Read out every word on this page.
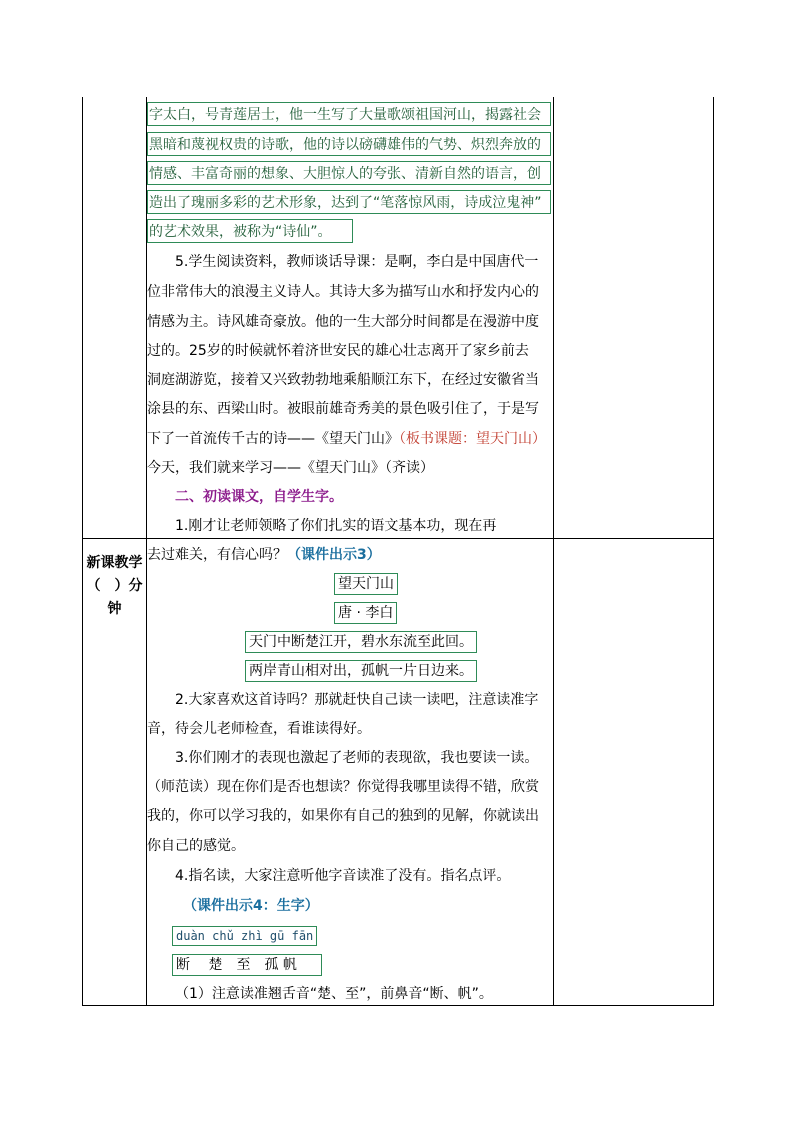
新课教学
（　）分
钟
字太白，号青莲居士，他一生写了大量歌颂祖国河山，揭露社会
黑暗和蔑视权贵的诗歌，他的诗以磅礴雄伟的气势、炽烈奔放的
情感、丰富奇丽的想象、大胆惊人的夸张、清新自然的语言，创
造出了瑰丽多彩的艺术形象，达到了“笔落惊风雨，诗成泣鬼神”
的艺术效果，被称为“诗仙”。
5.学生阅读资料，教师谈话导课：是啊，李白是中国唐代一
位非常伟大的浪漫主义诗人。其诗大多为描写山水和抒发内心的
情感为主。诗风雄奇豪放。他的一生大部分时间都是在漫游中度
过的。25岁的时候就怀着济世安民的雄心壮志离开了家乡前去
洞庭湖游览，接着又兴致勃勃地乘船顺江东下，在经过安徽省当
涂县的东、西梁山时。被眼前雄奇秀美的景色吸引住了，于是写
下了一首流传千古的诗——《望天门山》（板书课题：望天门山）
今天，我们就来学习——《望天门山》（齐读）
二、初读课文，自学生字。
1.刚才让老师领略了你们扎实的语文基本功，现在再
去过难关，有信心吗？（课件出示3）
望天门山
唐 · 李白
天门中断楚江开，碧水东流至此回。
两岸青山相对出，孤帆一片日边来。
2.大家喜欢这首诗吗？那就赶快自己读一读吧，注意读准字
音，待会儿老师检查，看谁读得好。
3.你们刚才的表现也激起了老师的表现欲，我也要读一读。
（师范读）现在你们是否也想读？你觉得我哪里读得不错，欣赏
我的，你可以学习我的，如果你有自己的独到的见解，你就读出
你自己的感觉。
4.指名读，大家注意听他字音读准了没有。指名点评。
（课件出示4：生字）
duàn chǔ zhì gū fān
断　 楚　至　孤 帆
（1）注意读准翘舌音“楚、至”，前鼻音“断、帆”。
